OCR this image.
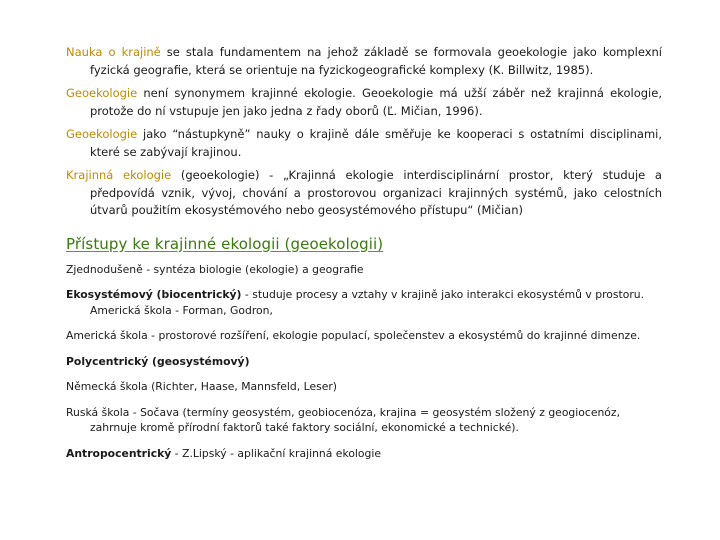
Nauka o krajině se stala fundamentem na jehož základě se formovala geoekologie jako komplexní fyzická geografie, která se orientuje na fyzickogeografické komplexy (K. Billwitz, 1985).

Geoekologie není synonymem krajinné ekologie. Geoekologie má užší záběr než krajinná ekologie, protože do ní vstupuje jen jako jedna z řady oborů (Ľ. Mičian, 1996).

Geoekologie jako “nástupkyně” nauky o krajině dále směřuje ke kooperaci s ostatními disciplinami, které se zabývají krajinou.

Krajinná ekologie (geoekologie) - „Krajinná ekologie interdisciplinární prostor, který studuje a předpovídá vznik, vývoj, chování a prostorovou organizaci krajinných systémů, jako celostních útvarů použitím ekosystémového nebo geosystémového přístupu“ (Mičian)

Přístupy ke krajinné ekologii (geoekologii)

Zjednodušeně - syntéza biologie (ekologie) a geografie

Ekosystémový (biocentrický) - studuje procesy a vztahy v krajině jako interakci ekosystémů v prostoru. Americká škola - Forman, Godron,

Americká škola - prostorové rozšíření, ekologie populací, společenstev a ekosystémů do krajinné dimenze.

Polycentrický (geosystémový)

Německá škola (Richter, Haase, Mannsfeld, Leser)

Ruská škola - Sočava (termíny geosystém, geobiocenóza, krajina = geosystém složený z geogiocenóz, zahrnuje kromě přírodní faktorů také faktory sociální, ekonomické a technické).

Antropocentrický - Z.Lipský - aplikační krajinná ekologie
